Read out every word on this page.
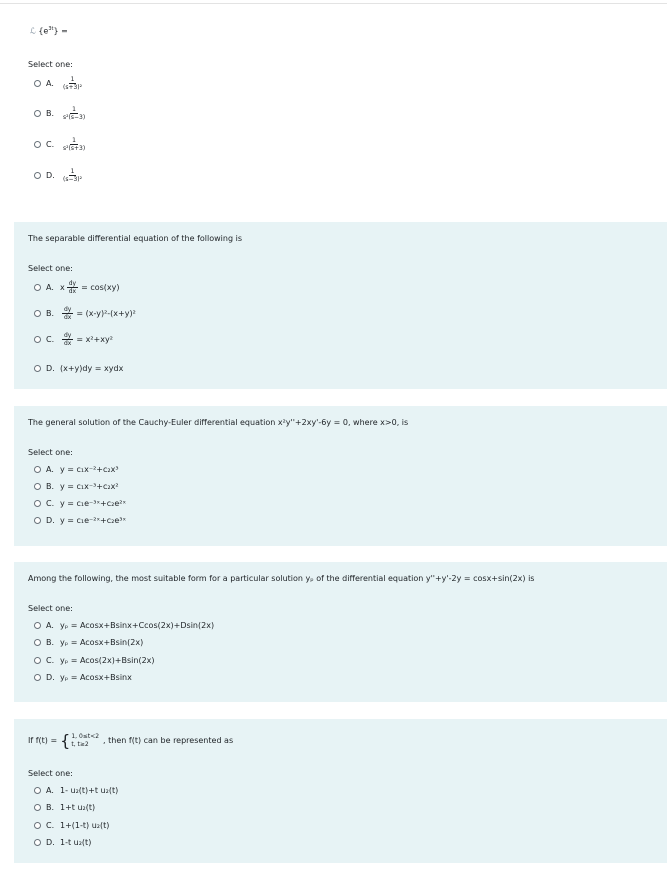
ℒ $\{e^{3t}\}$ =
Select one:
A.	$\frac{1}{\text{(s+3)²}}$
B.	$\frac{1}{\text{s²(s−3)}}$
C.	$\frac{1}{\text{s²(s+3)}}$
D.	$\frac{1}{\text{(s−3)²}}$
The separable differential equation of the following is
Select one:
A. x $\frac{dy}{dx} = \cos(xy)$
B.	$\frac{dy}{dx} = (x-y)^2-(x+y)^2$
C.	$\frac{dy}{dx} = x^2+xy^2$
D. (x+y)dy = xydx
The general solution of the Cauchy-Euler differential equation x²y''+2xy'-6y = 0, where x>0, is
Select one:
A. y = c₁x⁻²+c₂x³
B. y = c₁x⁻³+c₂x²
C. y = c₁e⁻³ˣ+c₂e²ˣ
D. y = c₁e⁻²ˣ+c₂e³ˣ
Among the following, the most suitable form for a particular solution yₚ of the differential equation y''+y'-2y = cosx+sin(2x) is
Select one:
A. yₚ = Acosx+Bsinx+Ccos(2x)+Dsin(2x)
B. yₚ = Acosx+Bsin(2x)
C. yₚ = Acos(2x)+Bsin(2x)
D. yₚ = Acosx+Bsinx
If f(t) = { 1, 0≤t<2
t, t≥2	, then f(t) can be represented as
Select one:
A. 1- u₂(t)+t u₂(t)
B. 1+t u₂(t)
C. 1+(1-t) u₂(t)
D. 1-t u₂(t)
